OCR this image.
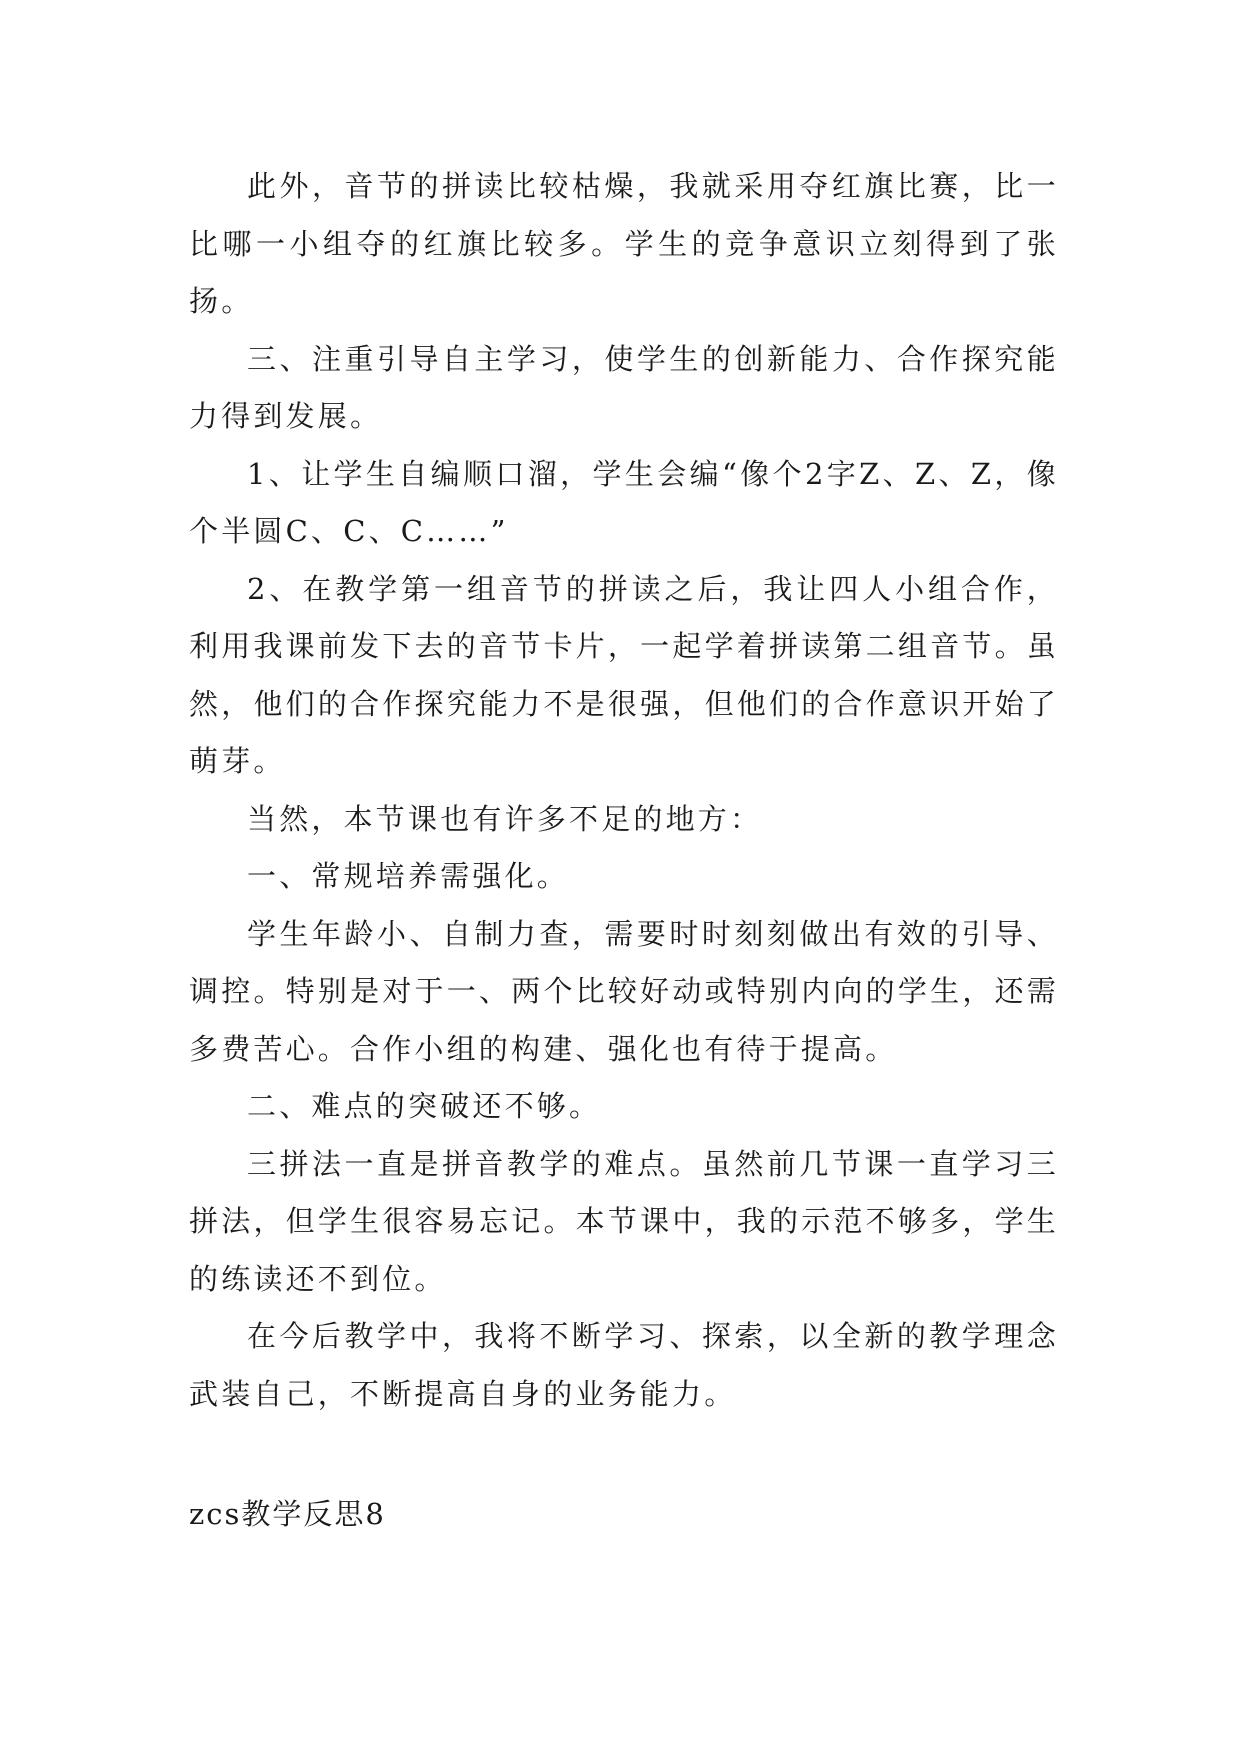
此外，音节的拼读比较枯燥，我就采用夺红旗比赛，比一比哪一小组夺的红旗比较多。学生的竞争意识立刻得到了张扬。

三、注重引导自主学习，使学生的创新能力、合作探究能力得到发展。

1、让学生自编顺口溜，学生会编“像个2字Z、Z、Z，像个半圆C、C、C……”

2、在教学第一组音节的拼读之后，我让四人小组合作，利用我课前发下去的音节卡片，一起学着拼读第二组音节。虽然，他们的合作探究能力不是很强，但他们的合作意识开始了萌芽。

当然，本节课也有许多不足的地方：

一、常规培养需强化。

学生年龄小、自制力查，需要时时刻刻做出有效的引导、调控。特别是对于一、两个比较好动或特别内向的学生，还需多费苦心。合作小组的构建、强化也有待于提高。

二、难点的突破还不够。

三拼法一直是拼音教学的难点。虽然前几节课一直学习三拼法，但学生很容易忘记。本节课中，我的示范不够多，学生的练读还不到位。

在今后教学中，我将不断学习、探索，以全新的教学理念武装自己，不断提高自身的业务能力。

zcs教学反思8
